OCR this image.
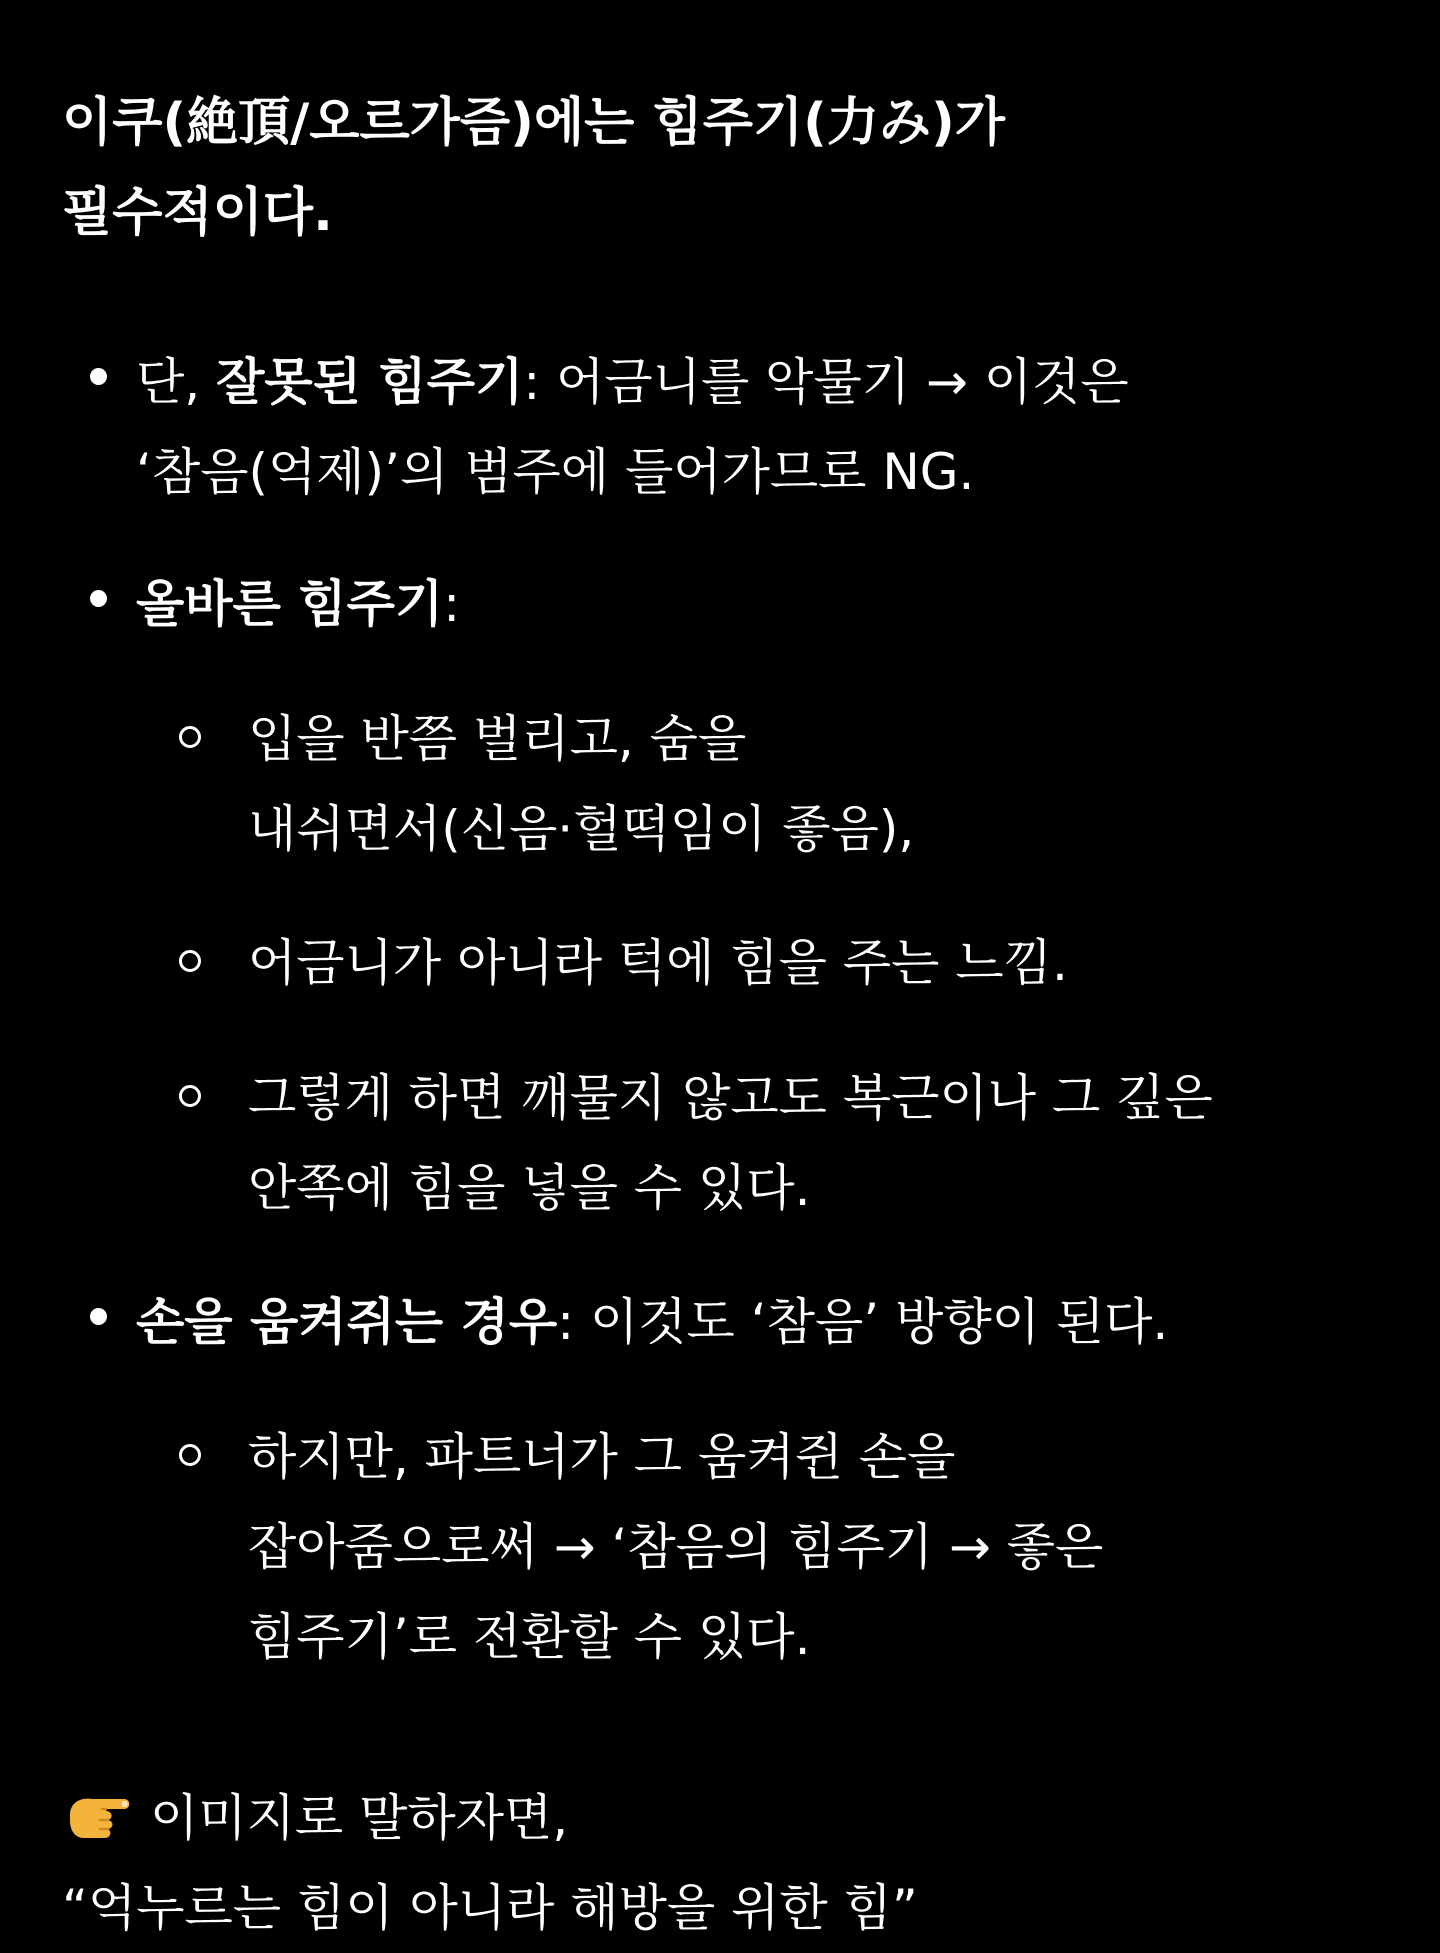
이쿠(絶頂/오르가즘)에는 힘주기(力み)가
필수적이다.
단, 잘못된 힘주기: 어금니를 악물기 → 이것은
‘참음(억제)’의 범주에 들어가므로 NG.
올바른 힘주기:
입을 반쯤 벌리고, 숨을
내쉬면서(신음·헐떡임이 좋음),
어금니가 아니라 턱에 힘을 주는 느낌.
그렇게 하면 깨물지 않고도 복근이나 그 깊은
안쪽에 힘을 넣을 수 있다.
손을 움켜쥐는 경우: 이것도 ‘참음’ 방향이 된다.
하지만, 파트너가 그 움켜쥔 손을
잡아줌으로써 → ‘참음의 힘주기 → 좋은
힘주기’로 전환할 수 있다.
이미지로 말하자면,
“억누르는 힘이 아니라 해방을 위한 힘”
